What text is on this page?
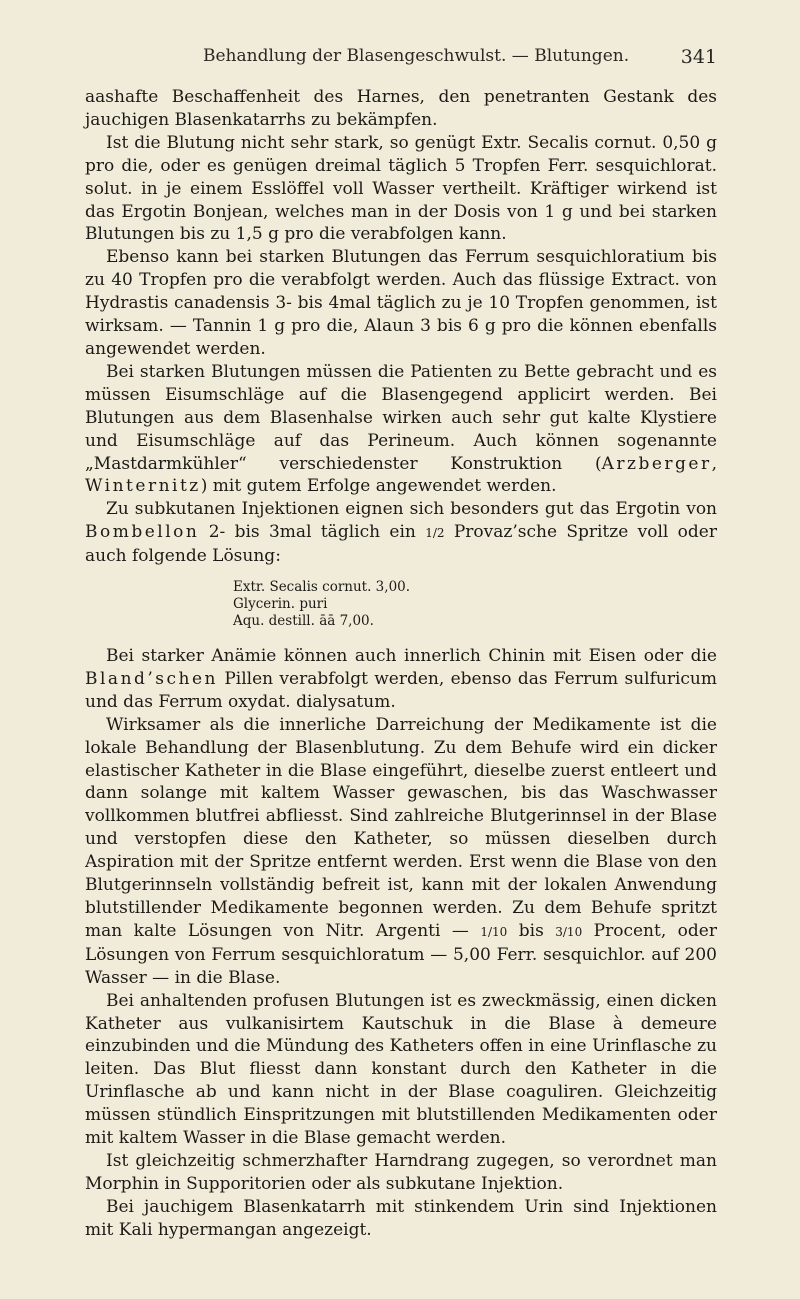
Behandlung der Blasengeschwulst. — Blutungen.	341

aashafte Beschaffenheit des Harnes, den penetranten Gestank des jauchigen Blasenkatarrhs zu bekämpfen.

Ist die Blutung nicht sehr stark, so genügt Extr. Secalis cornut. 0,50 g pro die, oder es genügen dreimal täglich 5 Tropfen Ferr. sesquichlorat. solut. in je einem Esslöffel voll Wasser vertheilt. Kräftiger wirkend ist das Ergotin Bonjean, welches man in der Dosis von 1 g und bei starken Blutungen bis zu 1,5 g pro die verabfolgen kann.

Ebenso kann bei starken Blutungen das Ferrum sesquichloratium bis zu 40 Tropfen pro die verabfolgt werden. Auch das flüssige Extract. von Hydrastis canadensis 3- bis 4mal täglich zu je 10 Tropfen genommen, ist wirksam. — Tannin 1 g pro die, Alaun 3 bis 6 g pro die können ebenfalls angewendet werden.

Bei starken Blutungen müssen die Patienten zu Bette gebracht und es müssen Eisumschläge auf die Blasengegend applicirt werden. Bei Blutungen aus dem Blasenhalse wirken auch sehr gut kalte Klystiere und Eisumschläge auf das Perineum. Auch können sogenannte „Mastdarmkühler“ verschiedenster Konstruktion (Arzberger, Winternitz) mit gutem Erfolge angewendet werden.

Zu subkutanen Injektionen eignen sich besonders gut das Ergotin von Bombellon 2- bis 3mal täglich ein 1/2 Provaz’sche Spritze voll oder auch folgende Lösung:

Extr. Secalis cornut. 3,00.
Glycerin. puri
Aqu. destill. āā 7,00.

Bei starker Anämie können auch innerlich Chinin mit Eisen oder die Bland’schen Pillen verabfolgt werden, ebenso das Ferrum sulfuricum und das Ferrum oxydat. dialysatum.

Wirksamer als die innerliche Darreichung der Medikamente ist die lokale Behandlung der Blasenblutung. Zu dem Behufe wird ein dicker elastischer Katheter in die Blase eingeführt, dieselbe zuerst entleert und dann solange mit kaltem Wasser gewaschen, bis das Waschwasser vollkommen blutfrei abfliesst. Sind zahlreiche Blutgerinnsel in der Blase und verstopfen diese den Katheter, so müssen dieselben durch Aspiration mit der Spritze entfernt werden. Erst wenn die Blase von den Blutgerinnseln vollständig befreit ist, kann mit der lokalen Anwendung blutstillender Medikamente begonnen werden. Zu dem Behufe spritzt man kalte Lösungen von Nitr. Argenti — 1/10 bis 3/10 Procent, oder Lösungen von Ferrum sesquichloratum — 5,00 Ferr. sesquichlor. auf 200 Wasser — in die Blase.

Bei anhaltenden profusen Blutungen ist es zweckmässig, einen dicken Katheter aus vulkanisirtem Kautschuk in die Blase à demeure einzubinden und die Mündung des Katheters offen in eine Urinflasche zu leiten. Das Blut fliesst dann konstant durch den Katheter in die Urinflasche ab und kann nicht in der Blase coaguliren. Gleichzeitig müssen stündlich Einspritzungen mit blutstillenden Medikamenten oder mit kaltem Wasser in die Blase gemacht werden.

Ist gleichzeitig schmerzhafter Harndrang zugegen, so verordnet man Morphin in Supporitorien oder als subkutane Injektion.

Bei jauchigem Blasenkatarrh mit stinkendem Urin sind Injektionen mit Kali hypermangan angezeigt.
